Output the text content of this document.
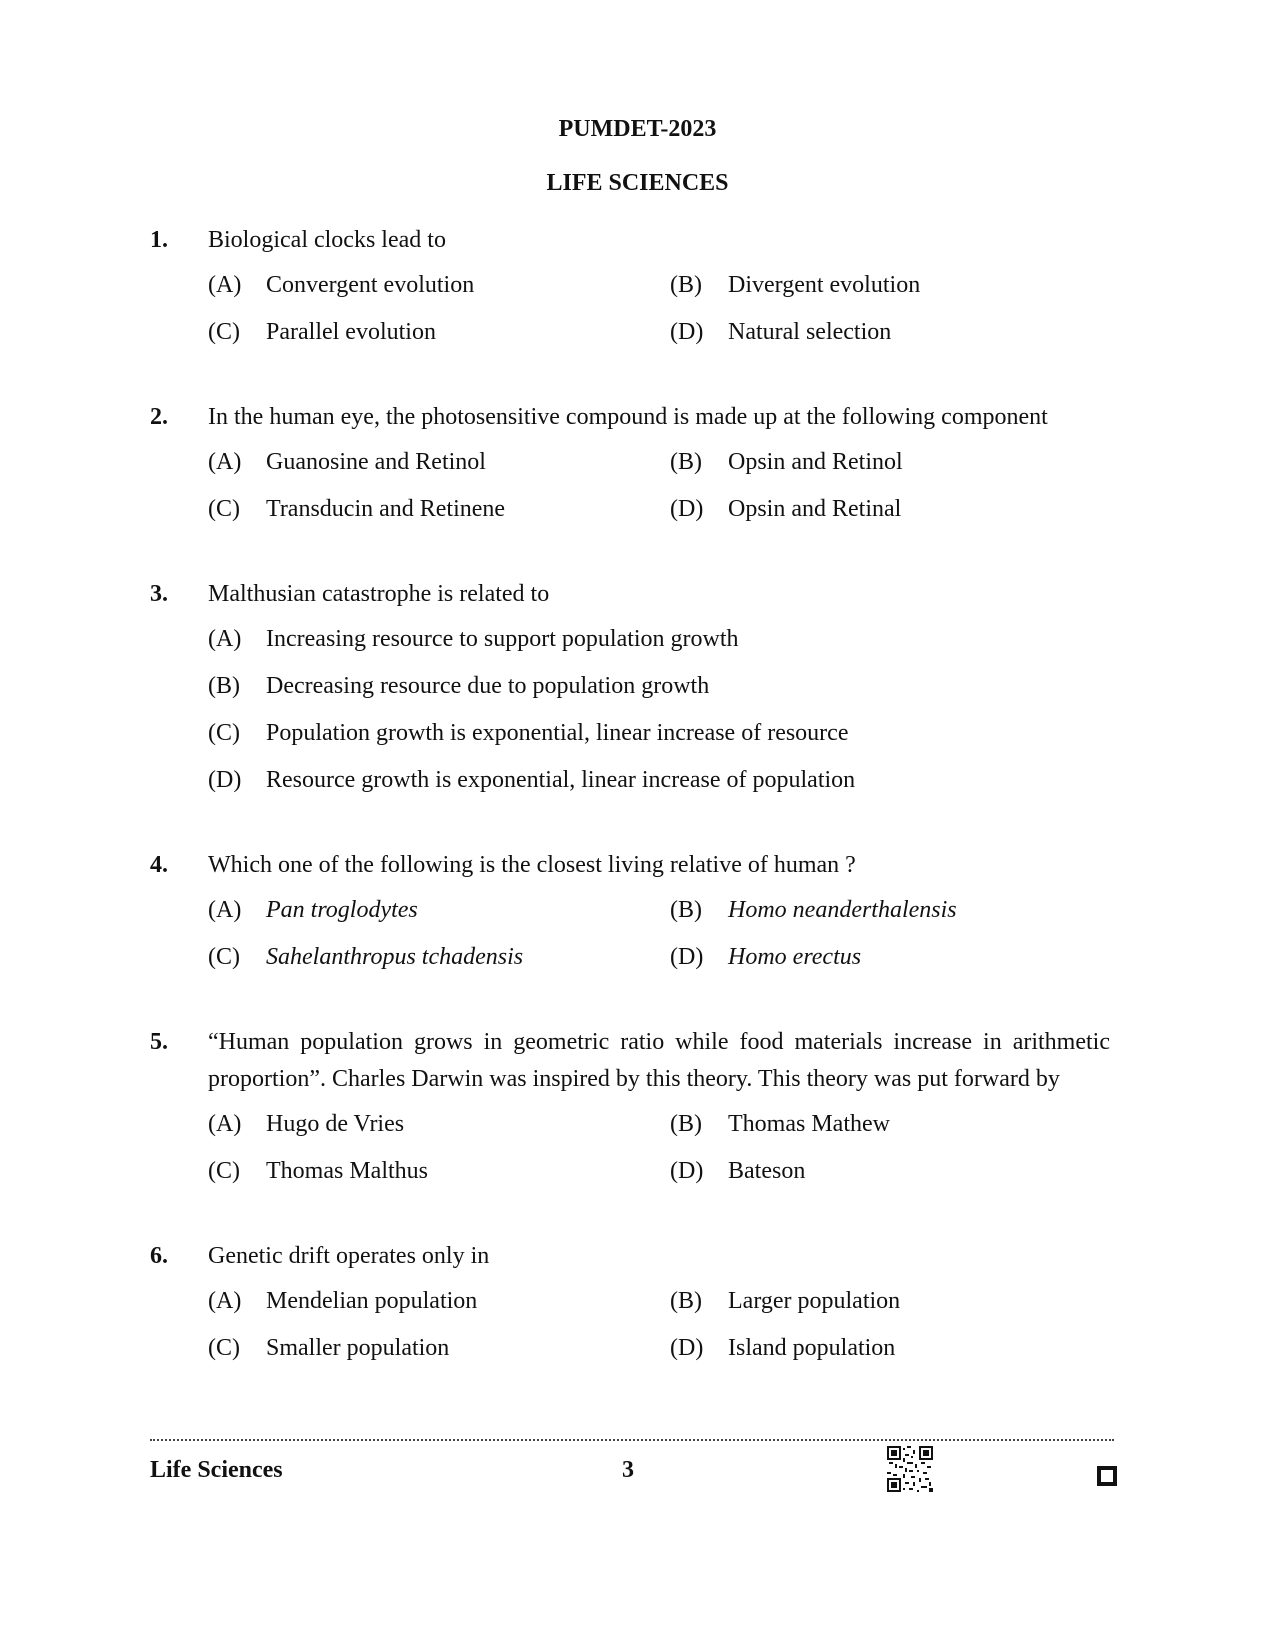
PUMDET-2023
LIFE SCIENCES
1.	Biological clocks lead to
(A)	Convergent evolution	(B)	Divergent evolution
(C)	Parallel evolution	(D)	Natural selection
2.	In the human eye, the photosensitive compound is made up at the following component
(A)	Guanosine and Retinol	(B)	Opsin and Retinol
(C)	Transducin and Retinene	(D)	Opsin and Retinal
3.	Malthusian catastrophe is related to
(A)	Increasing resource to support population growth
(B)	Decreasing resource due to population growth
(C)	Population growth is exponential, linear increase of resource
(D)	Resource growth is exponential, linear increase of population
4.	Which one of the following is the closest living relative of human ?
(A)	Pan troglodytes	(B)	Homo neanderthalensis
(C)	Sahelanthropus tchadensis	(D)	Homo erectus
5.	“Human population grows in geometric ratio while food materials increase in arithmetic proportion”. Charles Darwin was inspired by this theory. This theory was put forward by
(A)	Hugo de Vries	(B)	Thomas Mathew
(C)	Thomas Malthus	(D)	Bateson
6.	Genetic drift operates only in
(A)	Mendelian population	(B)	Larger population
(C)	Smaller population	(D)	Island population
Life Sciences	3
